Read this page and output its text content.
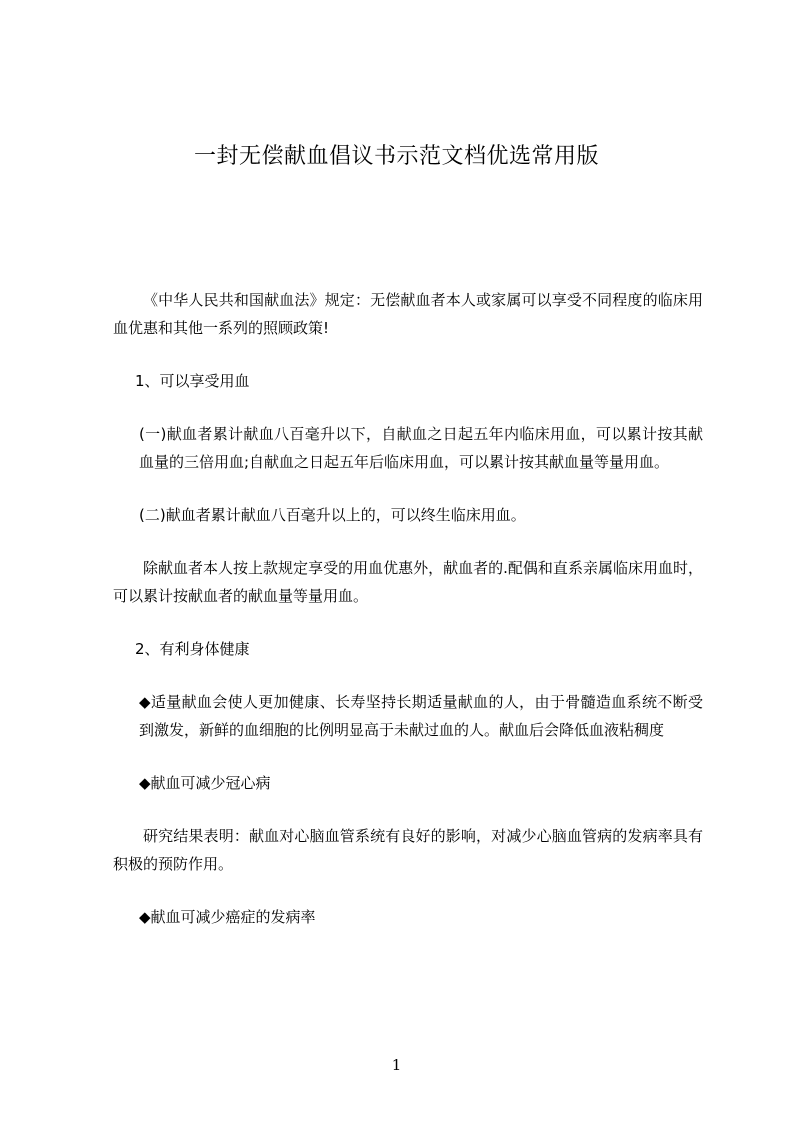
一封无偿献血倡议书示范文档优选常用版

《中华人民共和国献血法》规定：无偿献血者本人或家属可以享受不同程度的临床用血优惠和其他一系列的照顾政策!

1、可以享受用血

(一)献血者累计献血八百毫升以下，自献血之日起五年内临床用血，可以累计按其献血量的三倍用血;自献血之日起五年后临床用血，可以累计按其献血量等量用血。

(二)献血者累计献血八百毫升以上的，可以终生临床用血。

除献血者本人按上款规定享受的用血优惠外，献血者的.配偶和直系亲属临床用血时，可以累计按献血者的献血量等量用血。

2、有利身体健康

◆适量献血会使人更加健康、长寿坚持长期适量献血的人，由于骨髓造血系统不断受到激发，新鲜的血细胞的比例明显高于未献过血的人。献血后会降低血液粘稠度

◆献血可减少冠心病

研究结果表明：献血对心脑血管系统有良好的影响，对减少心脑血管病的发病率具有积极的预防作用。

◆献血可减少癌症的发病率

1
